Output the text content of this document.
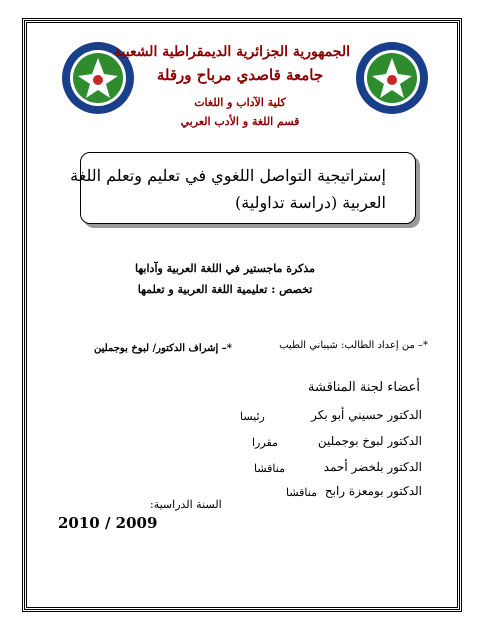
الجمهورية الجزائرية الديمقراطية الشعبية
جامعة قاصدي مرباح ورقلة
كلية الآداب و اللغات
قسم اللغة و الأدب العربي
إستراتيجية التواصل اللغوي في تعليم وتعلم اللغة
العربية (دراسة تداولية)
مذكرة ماجستير في اللغة العربية وآدابها
تخصص : تعليمية اللغة العربية و تعلمها
*– من إعداد الطالب: شيباني الطيب
*– إشراف الدكتور/ لبوخ بوجملين
أعضاء لجنة المناقشة
الدكتور حسيني أبو بكر
رئيسا
الدكتور لبوخ بوجملين
مقررا
الدكتور بلخضر أحمد
مناقشا
الدكتور بومعزة رابح
مناقشا
السنة الدراسية:
2010 / 2009
